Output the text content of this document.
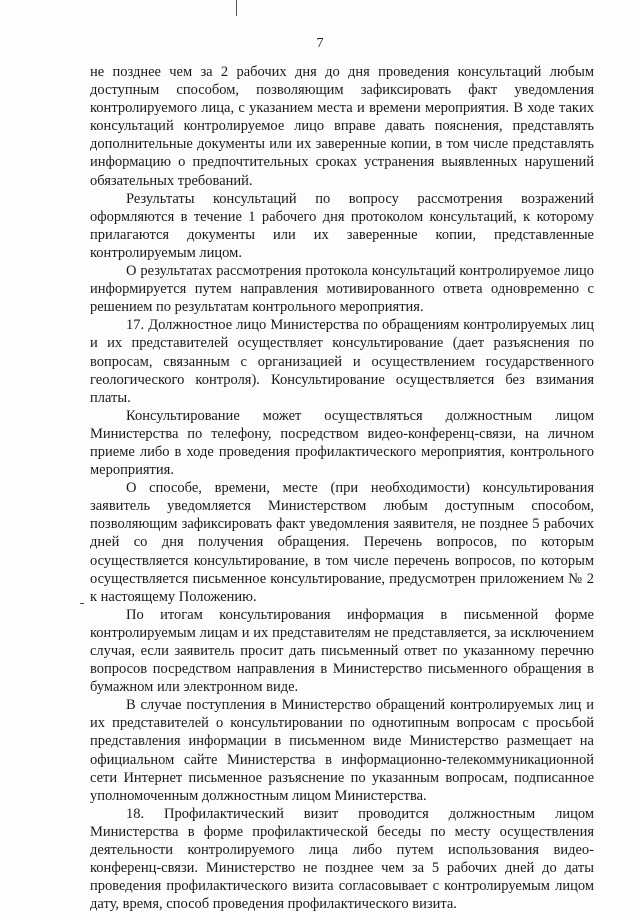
7

не позднее чем за 2 рабочих дня до дня проведения консультаций любым доступным способом, позволяющим зафиксировать факт уведомления контролируемого лица, с указанием места и времени мероприятия. В ходе таких консультаций контролируемое лицо вправе давать пояснения, представлять дополнительные документы или их заверенные копии, в том числе представлять информацию о предпочтительных сроках устранения выявленных нарушений обязательных требований.

Результаты консультаций по вопросу рассмотрения возражений оформляются в течение 1 рабочего дня протоколом консультаций, к которому прилагаются документы или их заверенные копии, представленные контролируемым лицом.

О результатах рассмотрения протокола консультаций контролируемое лицо информируется путем направления мотивированного ответа одновременно с решением по результатам контрольного мероприятия.

17. Должностное лицо Министерства по обращениям контролируемых лиц и их представителей осуществляет консультирование (дает разъяснения по вопросам, связанным с организацией и осуществлением государственного геологического контроля). Консультирование осуществляется без взимания платы.

Консультирование может осуществляться должностным лицом Министерства по телефону, посредством видео-конференц-связи, на личном приеме либо в ходе проведения профилактического мероприятия, контрольного мероприятия.

О способе, времени, месте (при необходимости) консультирования заявитель уведомляется Министерством любым доступным способом, позволяющим зафиксировать факт уведомления заявителя, не позднее 5 рабочих дней со дня получения обращения. Перечень вопросов, по которым осуществляется консультирование, в том числе перечень вопросов, по которым осуществляется письменное консультирование, предусмотрен приложением № 2 к настоящему Положению.

По итогам консультирования информация в письменной форме контролируемым лицам и их представителям не представляется, за исключением случая, если заявитель просит дать письменный ответ по указанному перечню вопросов посредством направления в Министерство письменного обращения в бумажном или электронном виде.

В случае поступления в Министерство обращений контролируемых лиц и их представителей о консультировании по однотипным вопросам с просьбой представления информации в письменном виде Министерство размещает на официальном сайте Министерства в информационно-телекоммуникационной сети Интернет письменное разъяснение по указанным вопросам, подписанное уполномоченным должностным лицом Министерства.

18. Профилактический визит проводится должностным лицом Министерства в форме профилактической беседы по месту осуществления деятельности контролируемого лица либо путем использования видео-конференц-связи. Министерство не позднее чем за 5 рабочих дней до даты проведения профилактического визита согласовывает с контролируемым лицом дату, время, способ проведения профилактического визита.
